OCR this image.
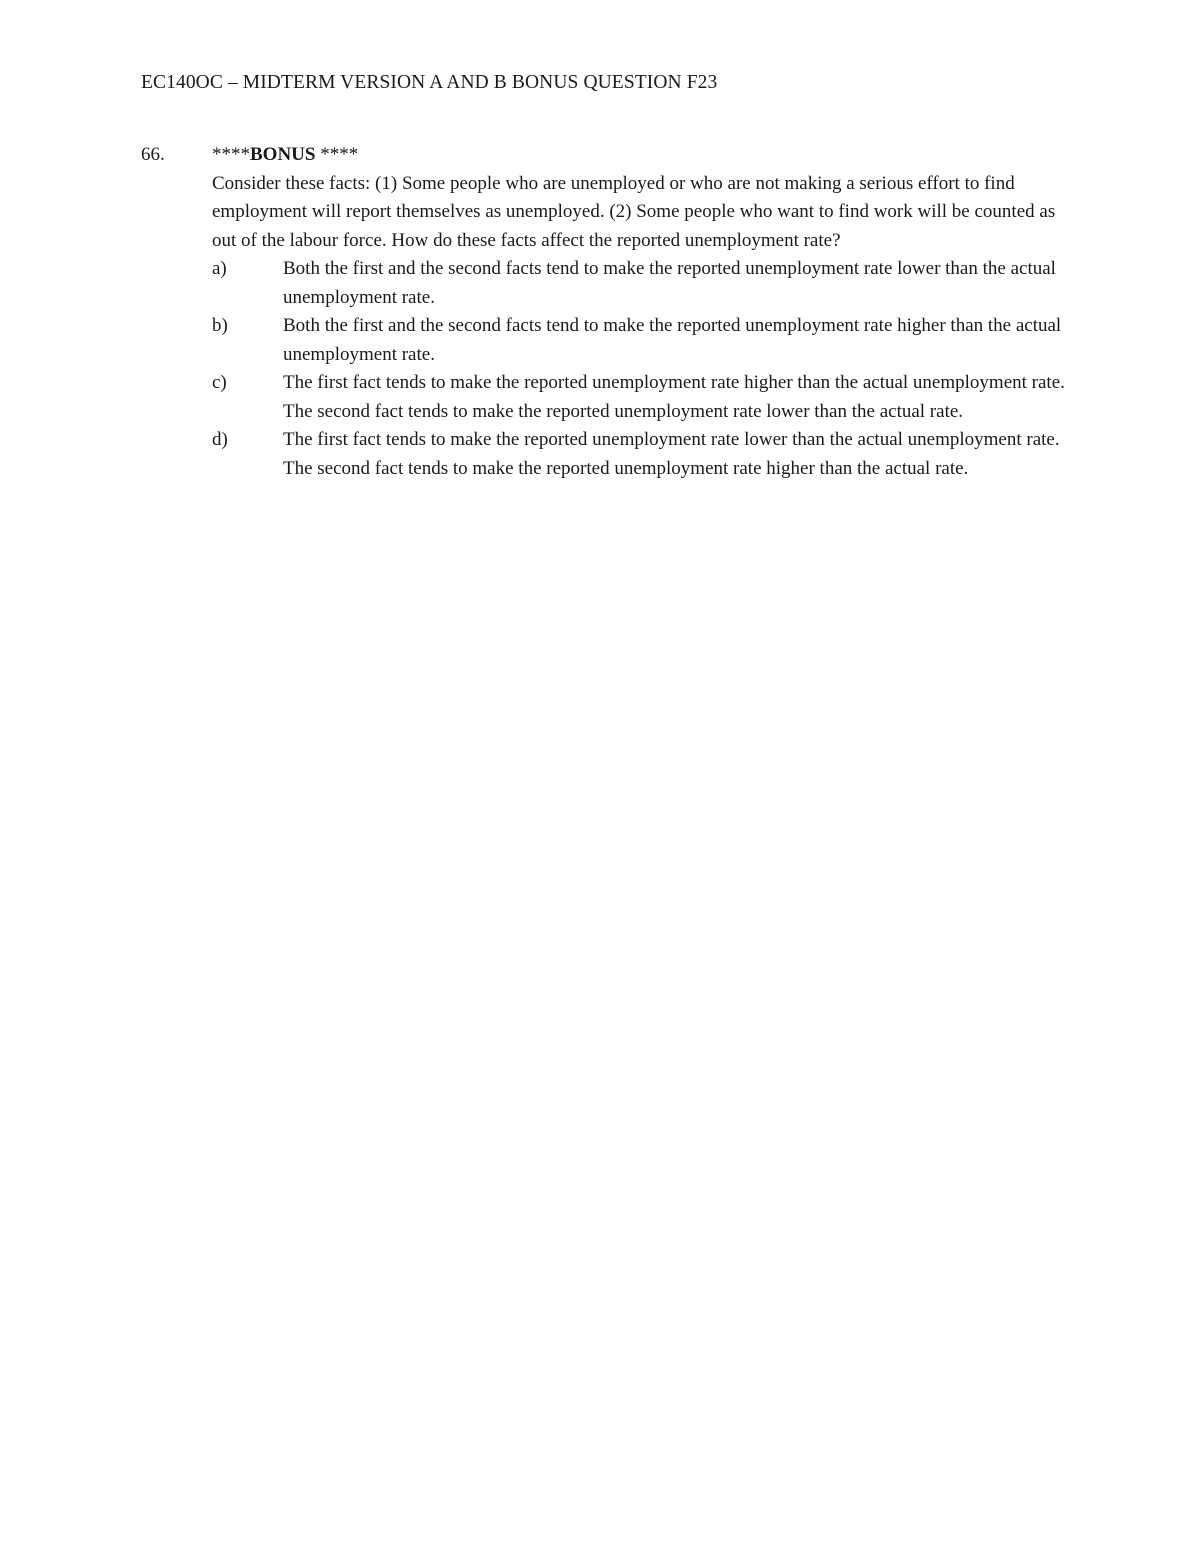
EC140OC – MIDTERM VERSION A AND B BONUS QUESTION F23
66.	****BONUS ****

Consider these facts: (1) Some people who are unemployed or who are not making a serious effort to find employment will report themselves as unemployed. (2) Some people who want to find work will be counted as out of the labour force. How do these facts affect the reported unemployment rate?

a)	Both the first and the second facts tend to make the reported unemployment rate lower than the actual unemployment rate.
b)	Both the first and the second facts tend to make the reported unemployment rate higher than the actual unemployment rate.
c)	The first fact tends to make the reported unemployment rate higher than the actual unemployment rate. The second fact tends to make the reported unemployment rate lower than the actual rate.
d)	The first fact tends to make the reported unemployment rate lower than the actual unemployment rate. The second fact tends to make the reported unemployment rate higher than the actual rate.
